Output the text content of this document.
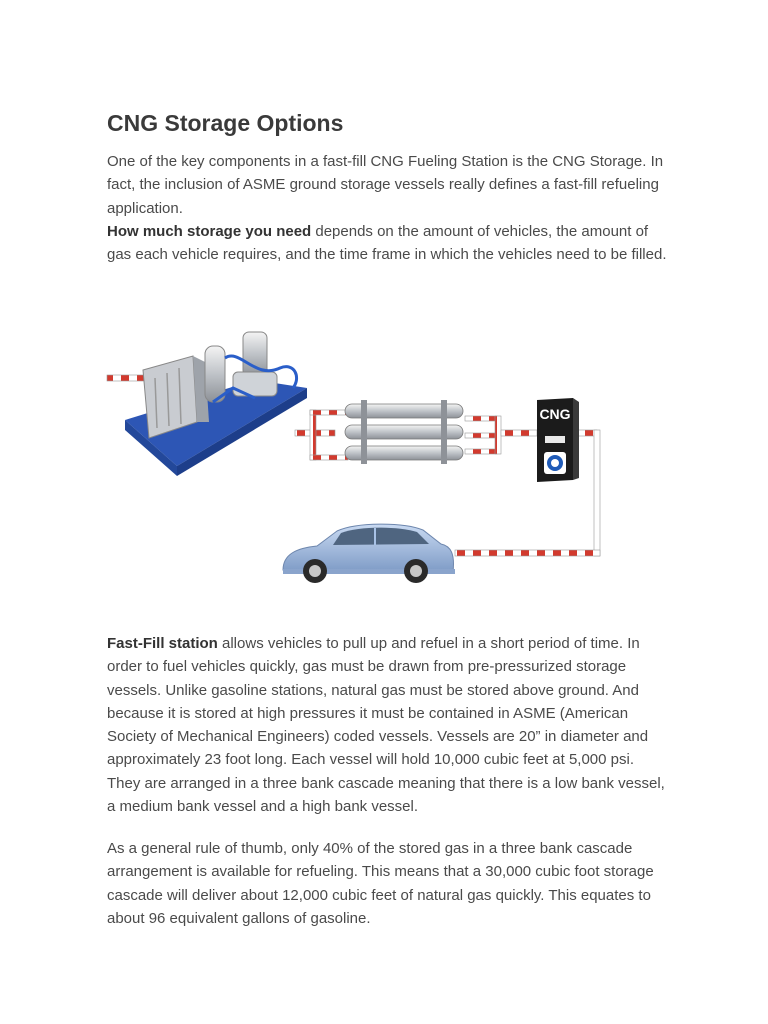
CNG Storage Options

One of the key components in a fast-fill CNG Fueling Station is the CNG Storage. In fact, the inclusion of ASME ground storage vessels really defines a fast-fill refueling application.
How much storage you need depends on the amount of vehicles, the amount of gas each vehicle requires, and the time frame in which the vehicles need to be filled.

Fast-Fill station allows vehicles to pull up and refuel in a short period of time. In order to fuel vehicles quickly, gas must be drawn from pre-pressurized storage vessels. Unlike gasoline stations, natural gas must be stored above ground. And because it is stored at high pressures it must be contained in ASME (American Society of Mechanical Engineers) coded vessels. Vessels are 20” in diameter and approximately 23 foot long. Each vessel will hold 10,000 cubic feet at 5,000 psi. They are arranged in a three bank cascade meaning that there is a low bank vessel, a medium bank vessel and a high bank vessel.

As a general rule of thumb, only 40% of the stored gas in a three bank cascade arrangement is available for refueling. This means that a 30,000 cubic foot storage cascade will deliver about 12,000 cubic feet of natural gas quickly. This equates to about 96 equivalent gallons of gasoline.

CNG
